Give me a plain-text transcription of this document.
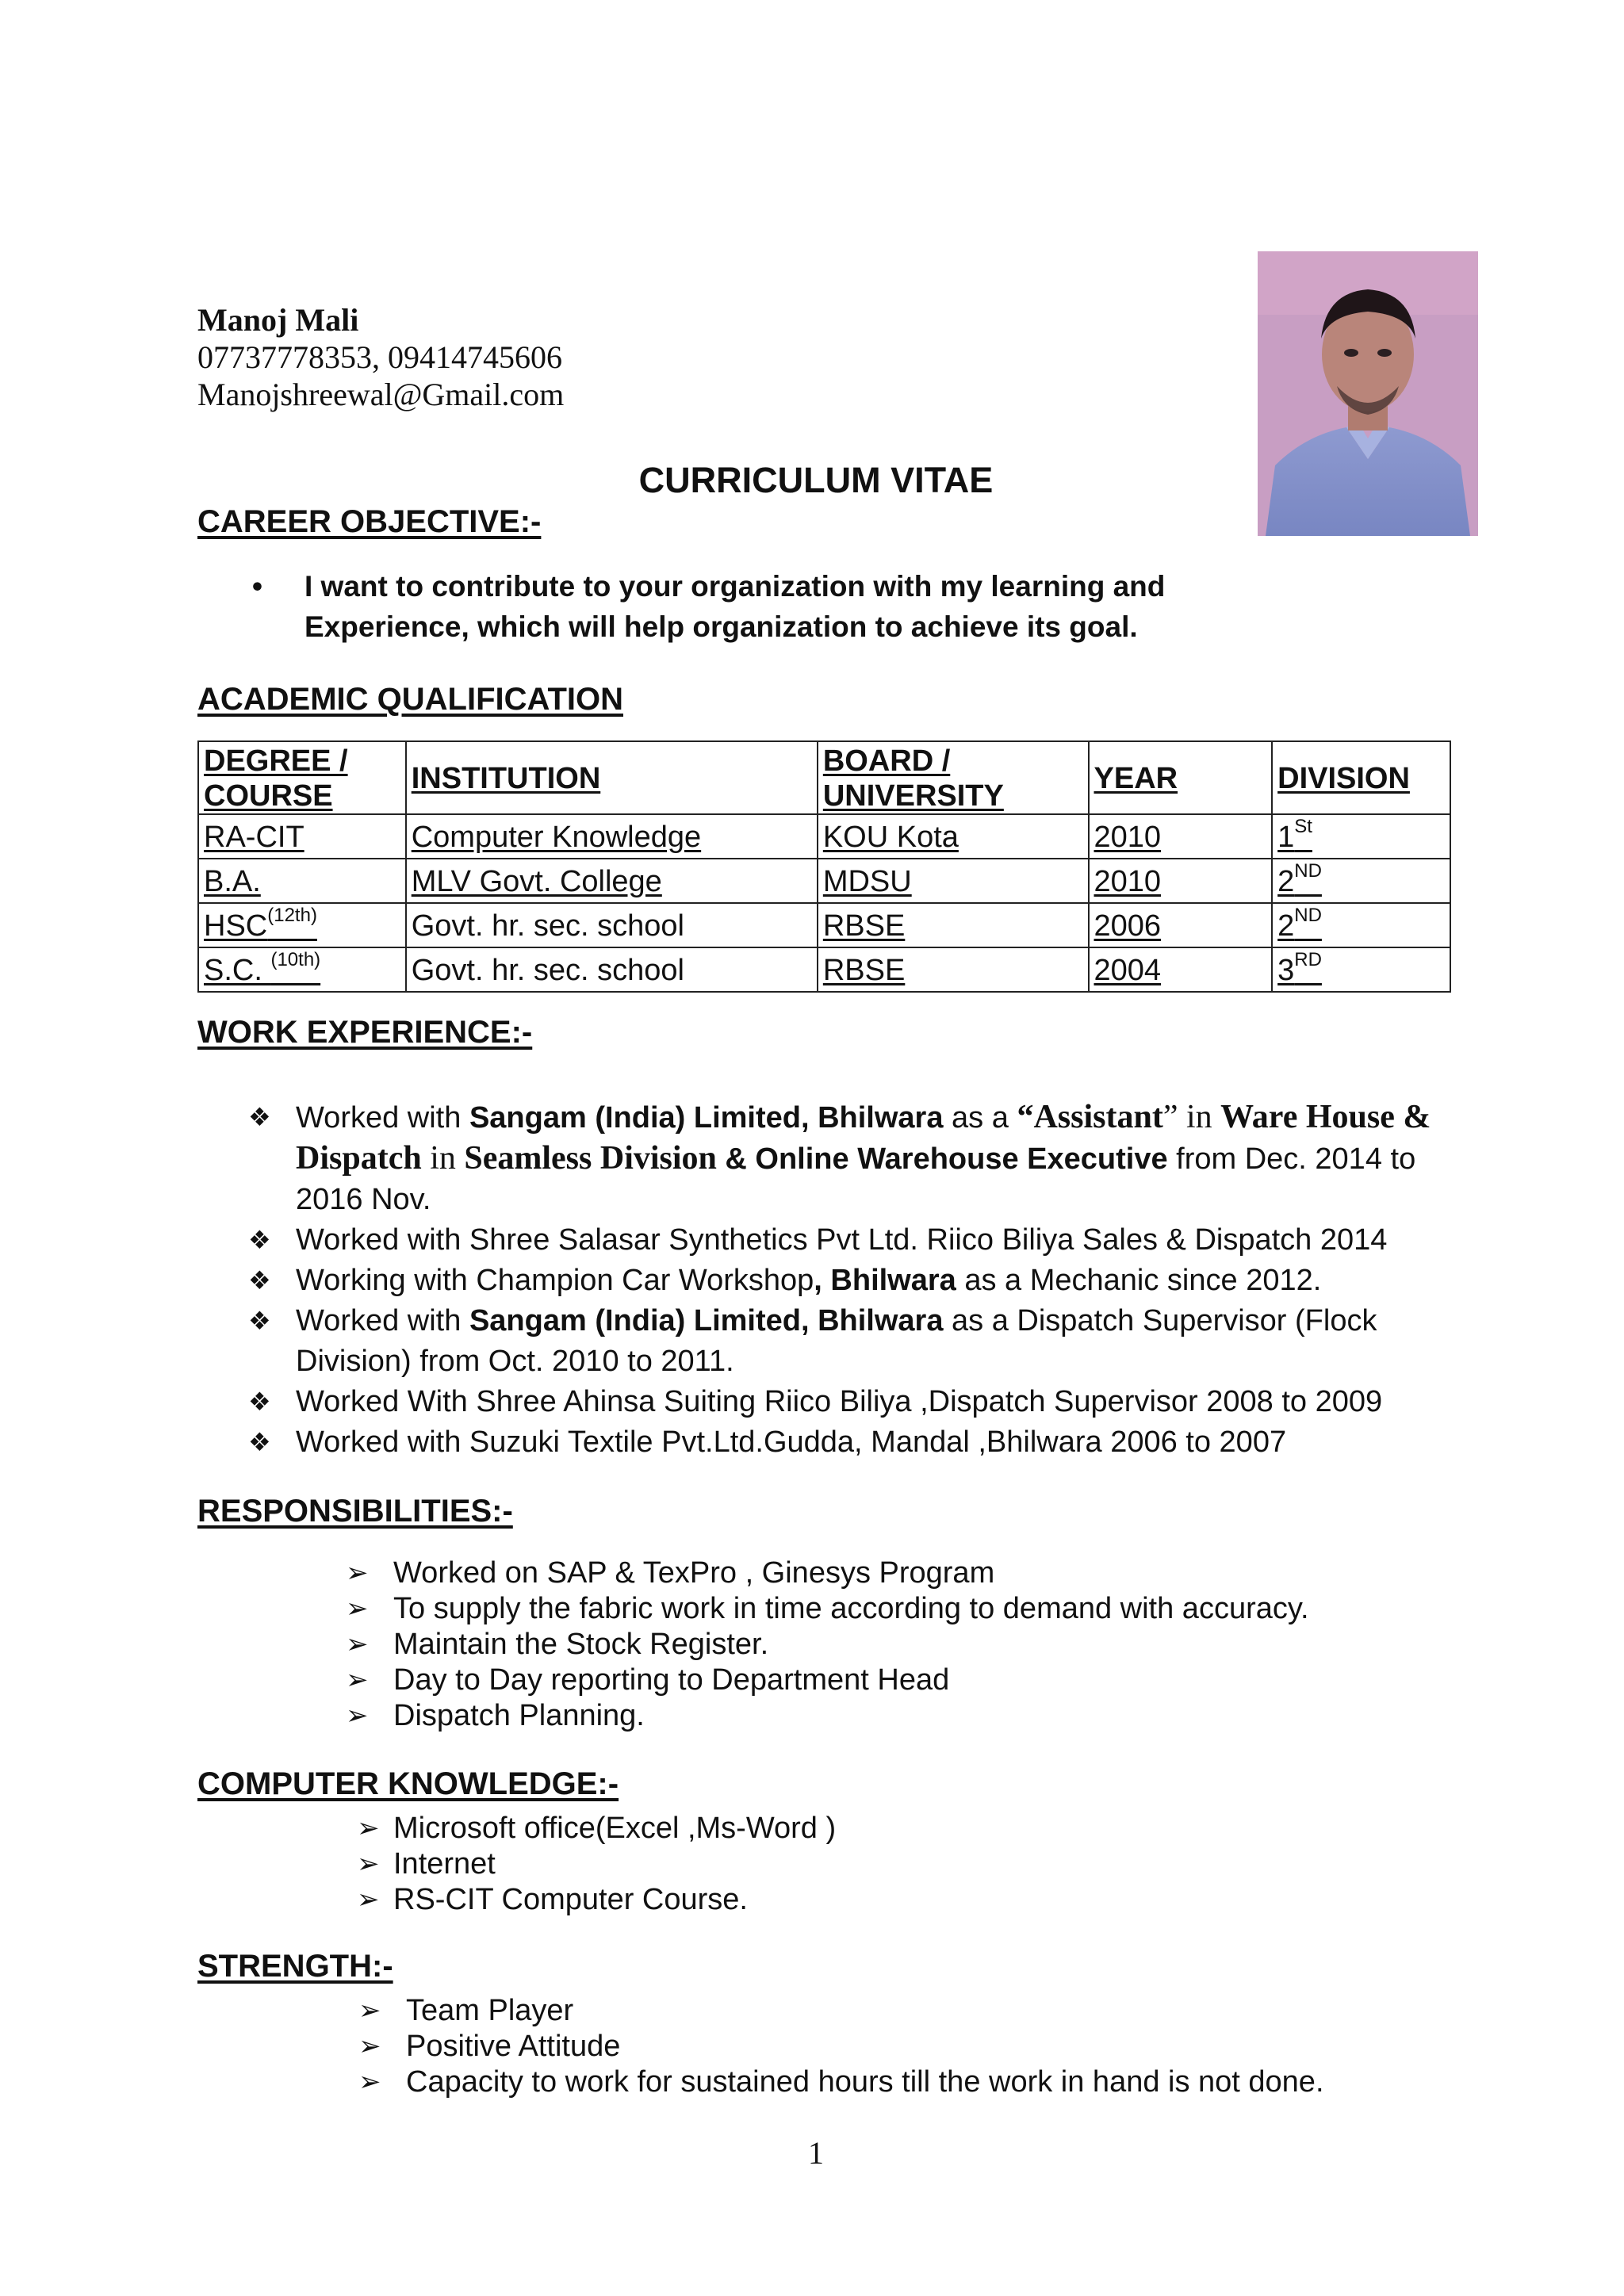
Manoj Mali
07737778353, 09414745606
Manojshreewal@Gmail.com
CURRICULUM VITAE
CAREER OBJECTIVE:-
• I want to contribute to your organization with my learning and Experience, which will help organization to achieve its goal.
ACADEMIC QUALIFICATION
DEGREE / COURSE	INSTITUTION	BOARD / UNIVERSITY	YEAR	DIVISION
RA-CIT	Computer Knowledge	KOU Kota	2010	1St
B.A.	MLV Govt. College	MDSU	2010	2ND
$HSC^{(12th)}$	Govt. hr. sec. school	RBSE	2006	2ND
S.C. $^{(10th)}$	Govt. hr. sec. school	RBSE	2004	3RD
WORK EXPERIENCE:-
❖ Worked with Sangam (India) Limited, Bhilwara as a “Assistant” in Ware House & Dispatch in Seamless Division & Online Warehouse Executive from Dec. 2014 to 2016 Nov.
❖ Worked with Shree Salasar Synthetics Pvt Ltd. Riico Biliya Sales & Dispatch 2014
❖ Working with Champion Car Workshop, Bhilwara as a Mechanic since 2012.
❖ Worked with Sangam (India) Limited, Bhilwara as a Dispatch Supervisor (Flock Division) from Oct. 2010 to 2011.
❖ Worked With Shree Ahinsa Suiting Riico Biliya ,Dispatch Supervisor 2008 to 2009
❖ Worked with Suzuki Textile Pvt.Ltd.Gudda, Mandal ,Bhilwara 2006 to 2007
RESPONSIBILITIES:-
➢ Worked on SAP & TexPro , Ginesys Program
➢ To supply the fabric work in time according to demand with accuracy.
➢ Maintain the Stock Register.
➢ Day to Day reporting to Department Head
➢ Dispatch Planning.
COMPUTER KNOWLEDGE:-
➢ Microsoft office(Excel ,Ms-Word )
➢ Internet
➢ RS-CIT Computer Course.
STRENGTH:-
➢ Team Player
➢ Positive Attitude
➢ Capacity to work for sustained hours till the work in hand is not done.
1
